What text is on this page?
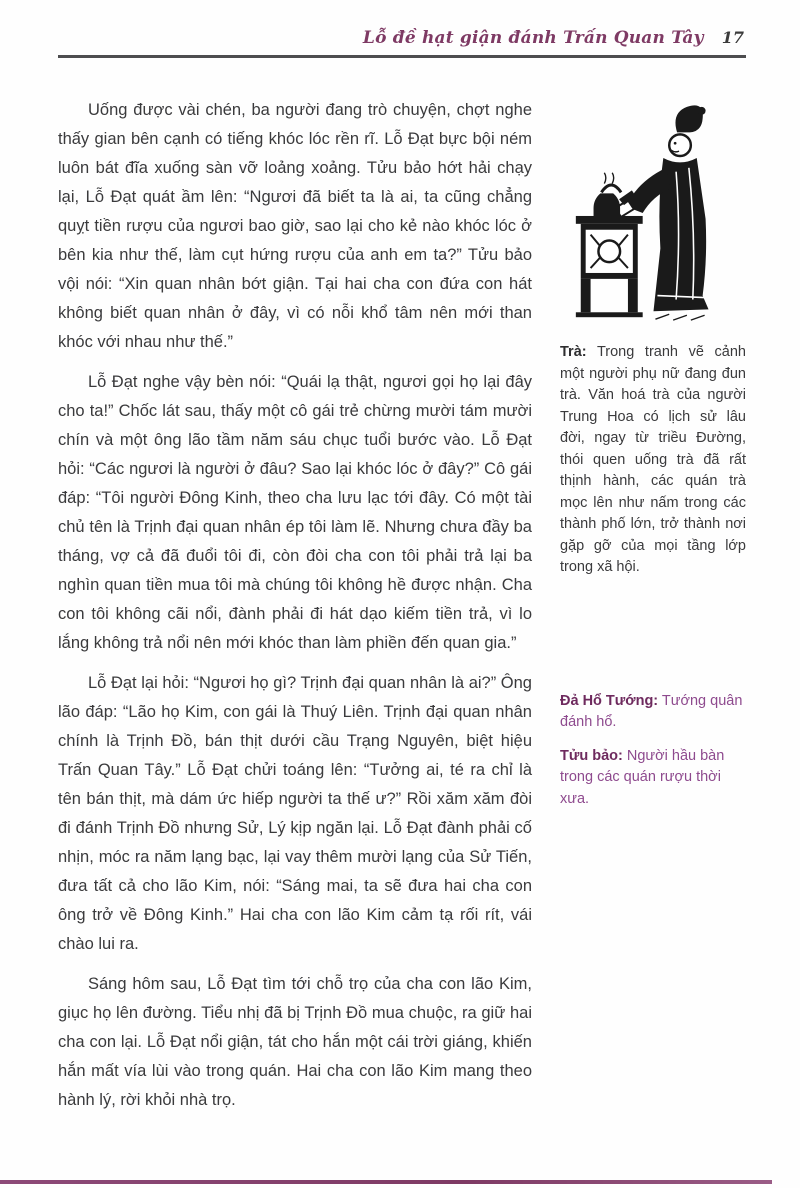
Lỗ đề hạt giận đánh Trấn Quan Tây 17

Uống được vài chén, ba người đang trò chuyện, chợt nghe thấy gian bên cạnh có tiếng khóc lóc rền rĩ. Lỗ Đạt bực bội ném luôn bát đĩa xuống sàn vỡ loảng xoảng. Tửu bảo hớt hải chạy lại, Lỗ Đạt quát ầm lên: “Ngươi đã biết ta là ai, ta cũng chẳng quỵt tiền rượu của ngươi bao giờ, sao lại cho kẻ nào khóc lóc ở bên kia như thế, làm cụt hứng rượu của anh em ta?” Tửu bảo vội nói: “Xin quan nhân bớt giận. Tại hai cha con đứa con hát không biết quan nhân ở đây, vì có nỗi khổ tâm nên mới than khóc với nhau như thế.”

Lỗ Đạt nghe vậy bèn nói: “Quái lạ thật, ngươi gọi họ lại đây cho ta!” Chốc lát sau, thấy một cô gái trẻ chừng mười tám mười chín và một ông lão tầm năm sáu chục tuổi bước vào. Lỗ Đạt hỏi: “Các ngươi là người ở đâu? Sao lại khóc lóc ở đây?” Cô gái đáp: “Tôi người Đông Kinh, theo cha lưu lạc tới đây. Có một tài chủ tên là Trịnh đại quan nhân ép tôi làm lẽ. Nhưng chưa đầy ba tháng, vợ cả đã đuổi tôi đi, còn đòi cha con tôi phải trả lại ba nghìn quan tiền mua tôi mà chúng tôi không hề được nhận. Cha con tôi không cãi nổi, đành phải đi hát dạo kiếm tiền trả, vì lo lắng không trả nổi nên mới khóc than làm phiền đến quan gia.”

Lỗ Đạt lại hỏi: “Ngươi họ gì? Trịnh đại quan nhân là ai?” Ông lão đáp: “Lão họ Kim, con gái là Thuý Liên. Trịnh đại quan nhân chính là Trịnh Đồ, bán thịt dưới cầu Trạng Nguyên, biệt hiệu Trấn Quan Tây.” Lỗ Đạt chửi toáng lên: “Tưởng ai, té ra chỉ là tên bán thịt, mà dám ức hiếp người ta thế ư?” Rồi xăm xăm đòi đi đánh Trịnh Đồ nhưng Sử, Lý kịp ngăn lại. Lỗ Đạt đành phải cố nhịn, móc ra năm lạng bạc, lại vay thêm mười lạng của Sử Tiến, đưa tất cả cho lão Kim, nói: “Sáng mai, ta sẽ đưa hai cha con ông trở về Đông Kinh.” Hai cha con lão Kim cảm tạ rối rít, vái chào lui ra.

Sáng hôm sau, Lỗ Đạt tìm tới chỗ trọ của cha con lão Kim, giục họ lên đường. Tiểu nhị đã bị Trịnh Đồ mua chuộc, ra giữ hai cha con lại. Lỗ Đạt nổi giận, tát cho hắn một cái trời giáng, khiến hắn mất vía lùi vào trong quán. Hai cha con lão Kim mang theo hành lý, rời khỏi nhà trọ.

Trà: Trong tranh vẽ cảnh một người phụ nữ đang đun trà. Văn hoá trà của người Trung Hoa có lịch sử lâu đời, ngay từ triều Đường, thói quen uống trà đã rất thịnh hành, các quán trà mọc lên như nấm trong các thành phố lớn, trở thành nơi gặp gỡ của mọi tầng lớp trong xã hội.

Đả Hổ Tướng: Tướng quân đánh hổ.

Tửu bảo: Người hầu bàn trong các quán rượu thời xưa.
